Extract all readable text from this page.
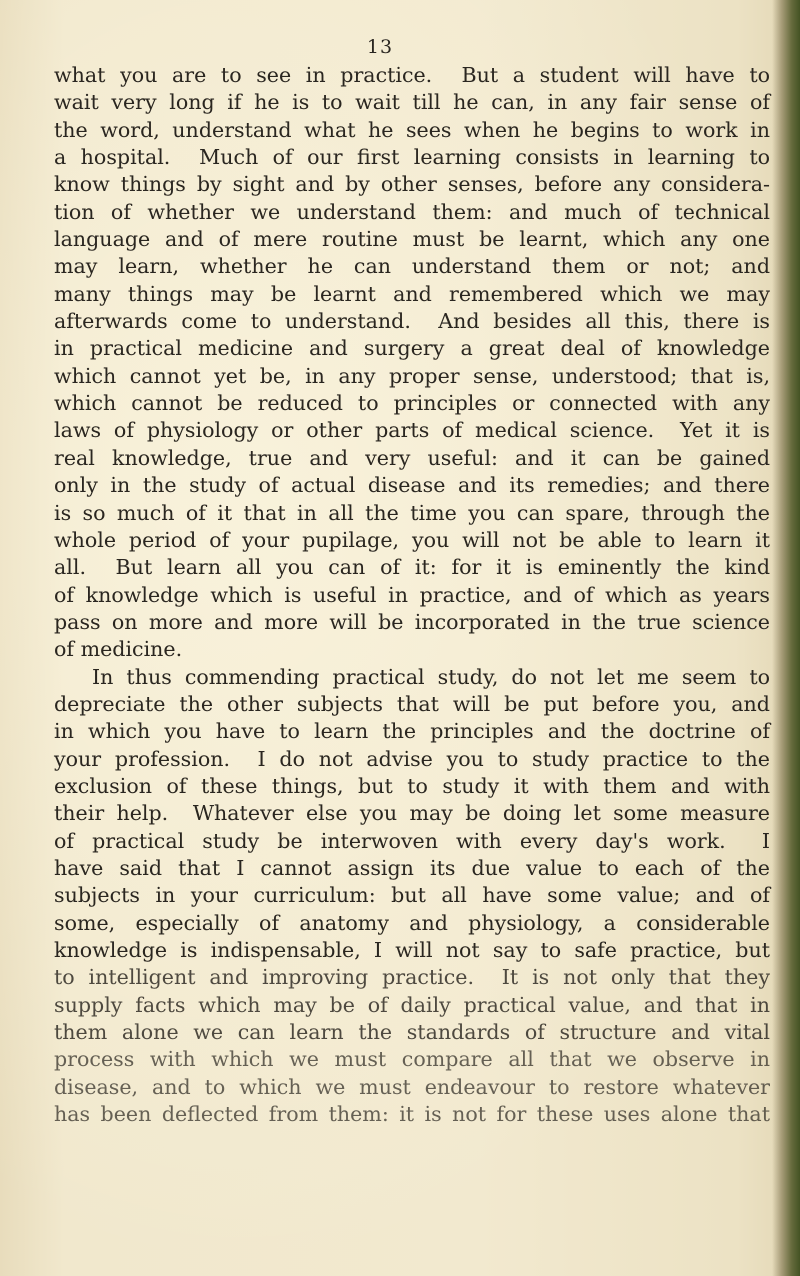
13
what you are to see in practice.  But a student will have to
wait very long if he is to wait till he can, in any fair sense of
the word, understand what he sees when he begins to work in
a hospital.  Much of our first learning consists in learning to
know things by sight and by other senses, before any considera-
tion of whether we understand them: and much of technical
language and of mere routine must be learnt, which any one
may learn, whether he can understand them or not; and
many things may be learnt and remembered which we may
afterwards come to understand.  And besides all this, there is
in practical medicine and surgery a great deal of knowledge
which cannot yet be, in any proper sense, understood; that is,
which cannot be reduced to principles or connected with any
laws of physiology or other parts of medical science.  Yet it is
real knowledge, true and very useful: and it can be gained
only in the study of actual disease and its remedies; and there
is so much of it that in all the time you can spare, through the
whole period of your pupilage, you will not be able to learn it
all.  But learn all you can of it: for it is eminently the kind
of knowledge which is useful in practice, and of which as years
pass on more and more will be incorporated in the true science
of medicine.
In thus commending practical study, do not let me seem to
depreciate the other subjects that will be put before you, and
in which you have to learn the principles and the doctrine of
your profession.  I do not advise you to study practice to the
exclusion of these things, but to study it with them and with
their help.  Whatever else you may be doing let some measure
of practical study be interwoven with every day's work.  I
have said that I cannot assign its due value to each of the
subjects in your curriculum: but all have some value; and of
some, especially of anatomy and physiology, a considerable
knowledge is indispensable, I will not say to safe practice, but
to intelligent and improving practice.  It is not only that they
supply facts which may be of daily practical value, and that in
them alone we can learn the standards of structure and vital
process with which we must compare all that we observe in
disease, and to which we must endeavour to restore whatever
has been deflected from them: it is not for these uses alone that
